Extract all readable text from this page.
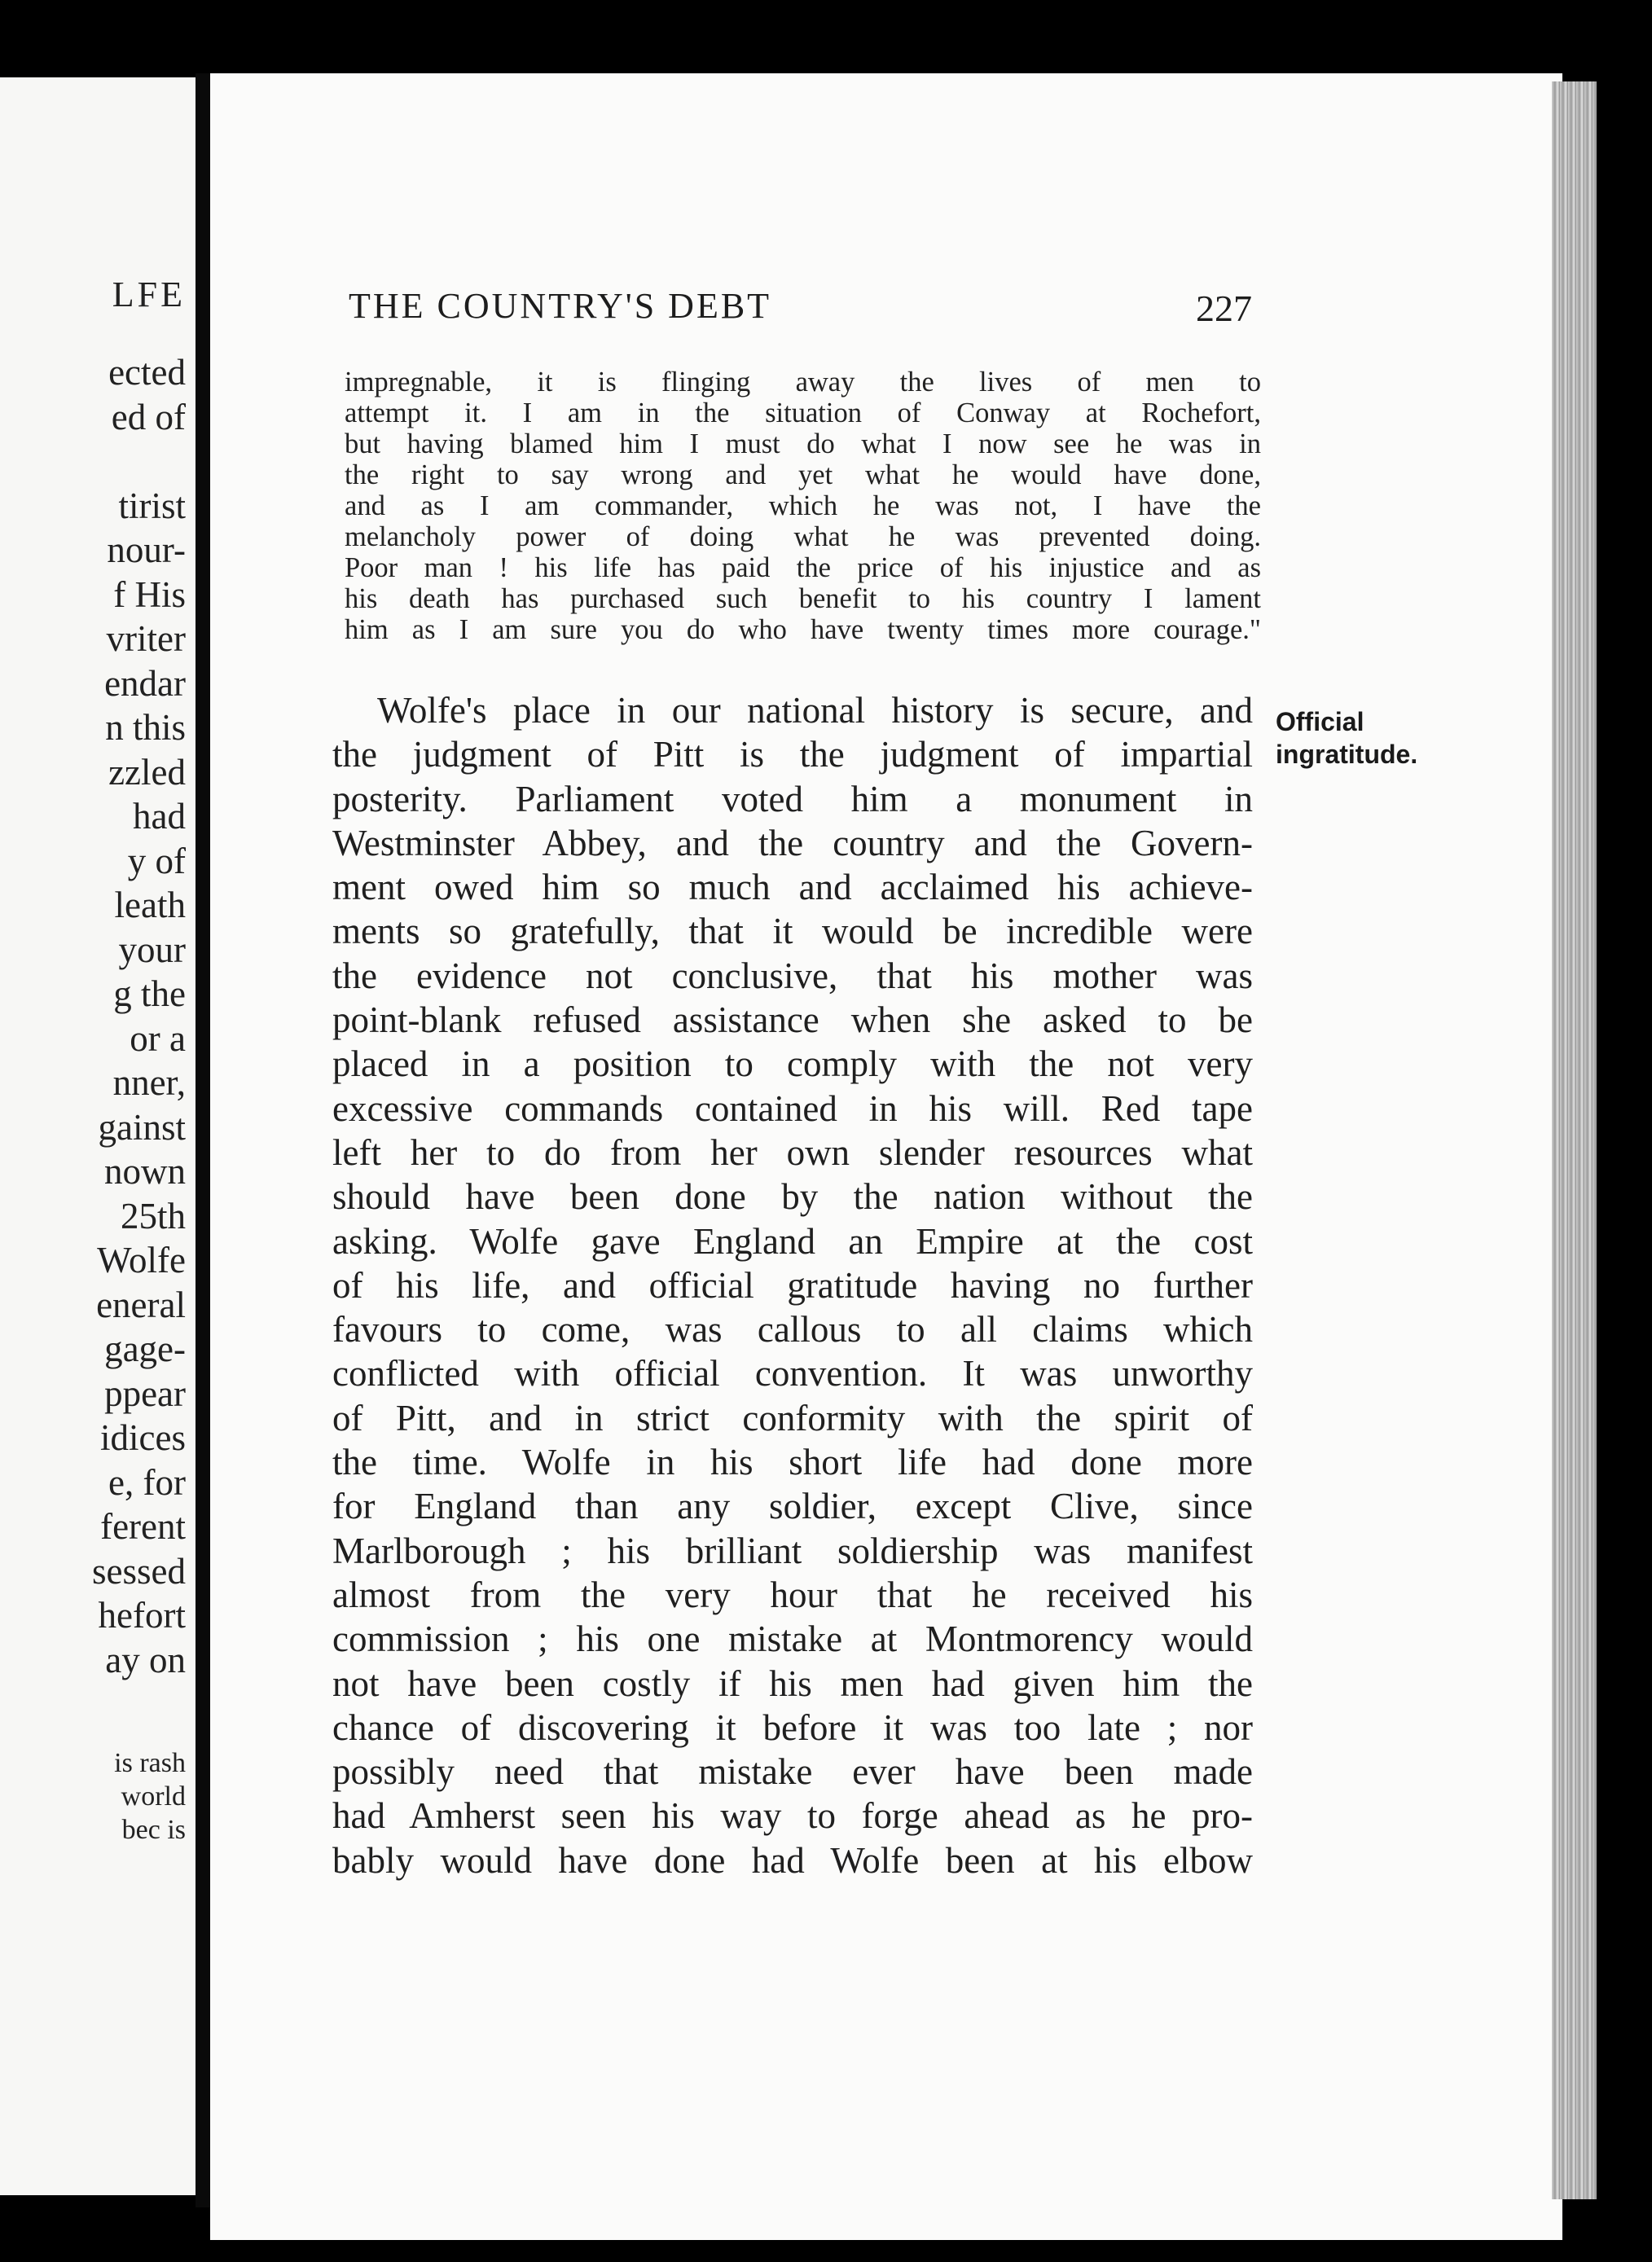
LFE
ected
ed of
tirist
nour-
f His
vriter
endar
n this
zzled
had
y of
leath
your
g the
or a
nner,
gainst
nown
25th
Wolfe
eneral
gage-
ppear
idices
e, for
ferent
sessed
hefort
ay on
is rash
world
bec is
THE COUNTRY'S DEBT	227
impregnable, it is flinging away the lives of men to
attempt it. I am in the situation of Conway at Rochefort,
but having blamed him I must do what I now see he was in
the right to say wrong and yet what he would have done,
and as I am commander, which he was not, I have the
melancholy power of doing what he was prevented doing.
Poor man ! his life has paid the price of his injustice and as
his death has purchased such benefit to his country I lament
him as I am sure you do who have twenty times more courage."
Official
ingratitude.
Wolfe's place in our national history is secure, and
the judgment of Pitt is the judgment of impartial
posterity. Parliament voted him a monument in
Westminster Abbey, and the country and the Govern-
ment owed him so much and acclaimed his achieve-
ments so gratefully, that it would be incredible were
the evidence not conclusive, that his mother was
point-blank refused assistance when she asked to be
placed in a position to comply with the not very
excessive commands contained in his will. Red tape
left her to do from her own slender resources what
should have been done by the nation without the
asking. Wolfe gave England an Empire at the cost
of his life, and official gratitude having no further
favours to come, was callous to all claims which
conflicted with official convention. It was unworthy
of Pitt, and in strict conformity with the spirit of
the time. Wolfe in his short life had done more
for England than any soldier, except Clive, since
Marlborough ; his brilliant soldiership was manifest
almost from the very hour that he received his
commission ; his one mistake at Montmorency would
not have been costly if his men had given him the
chance of discovering it before it was too late ; nor
possibly need that mistake ever have been made
had Amherst seen his way to forge ahead as he pro-
bably would have done had Wolfe been at his elbow
